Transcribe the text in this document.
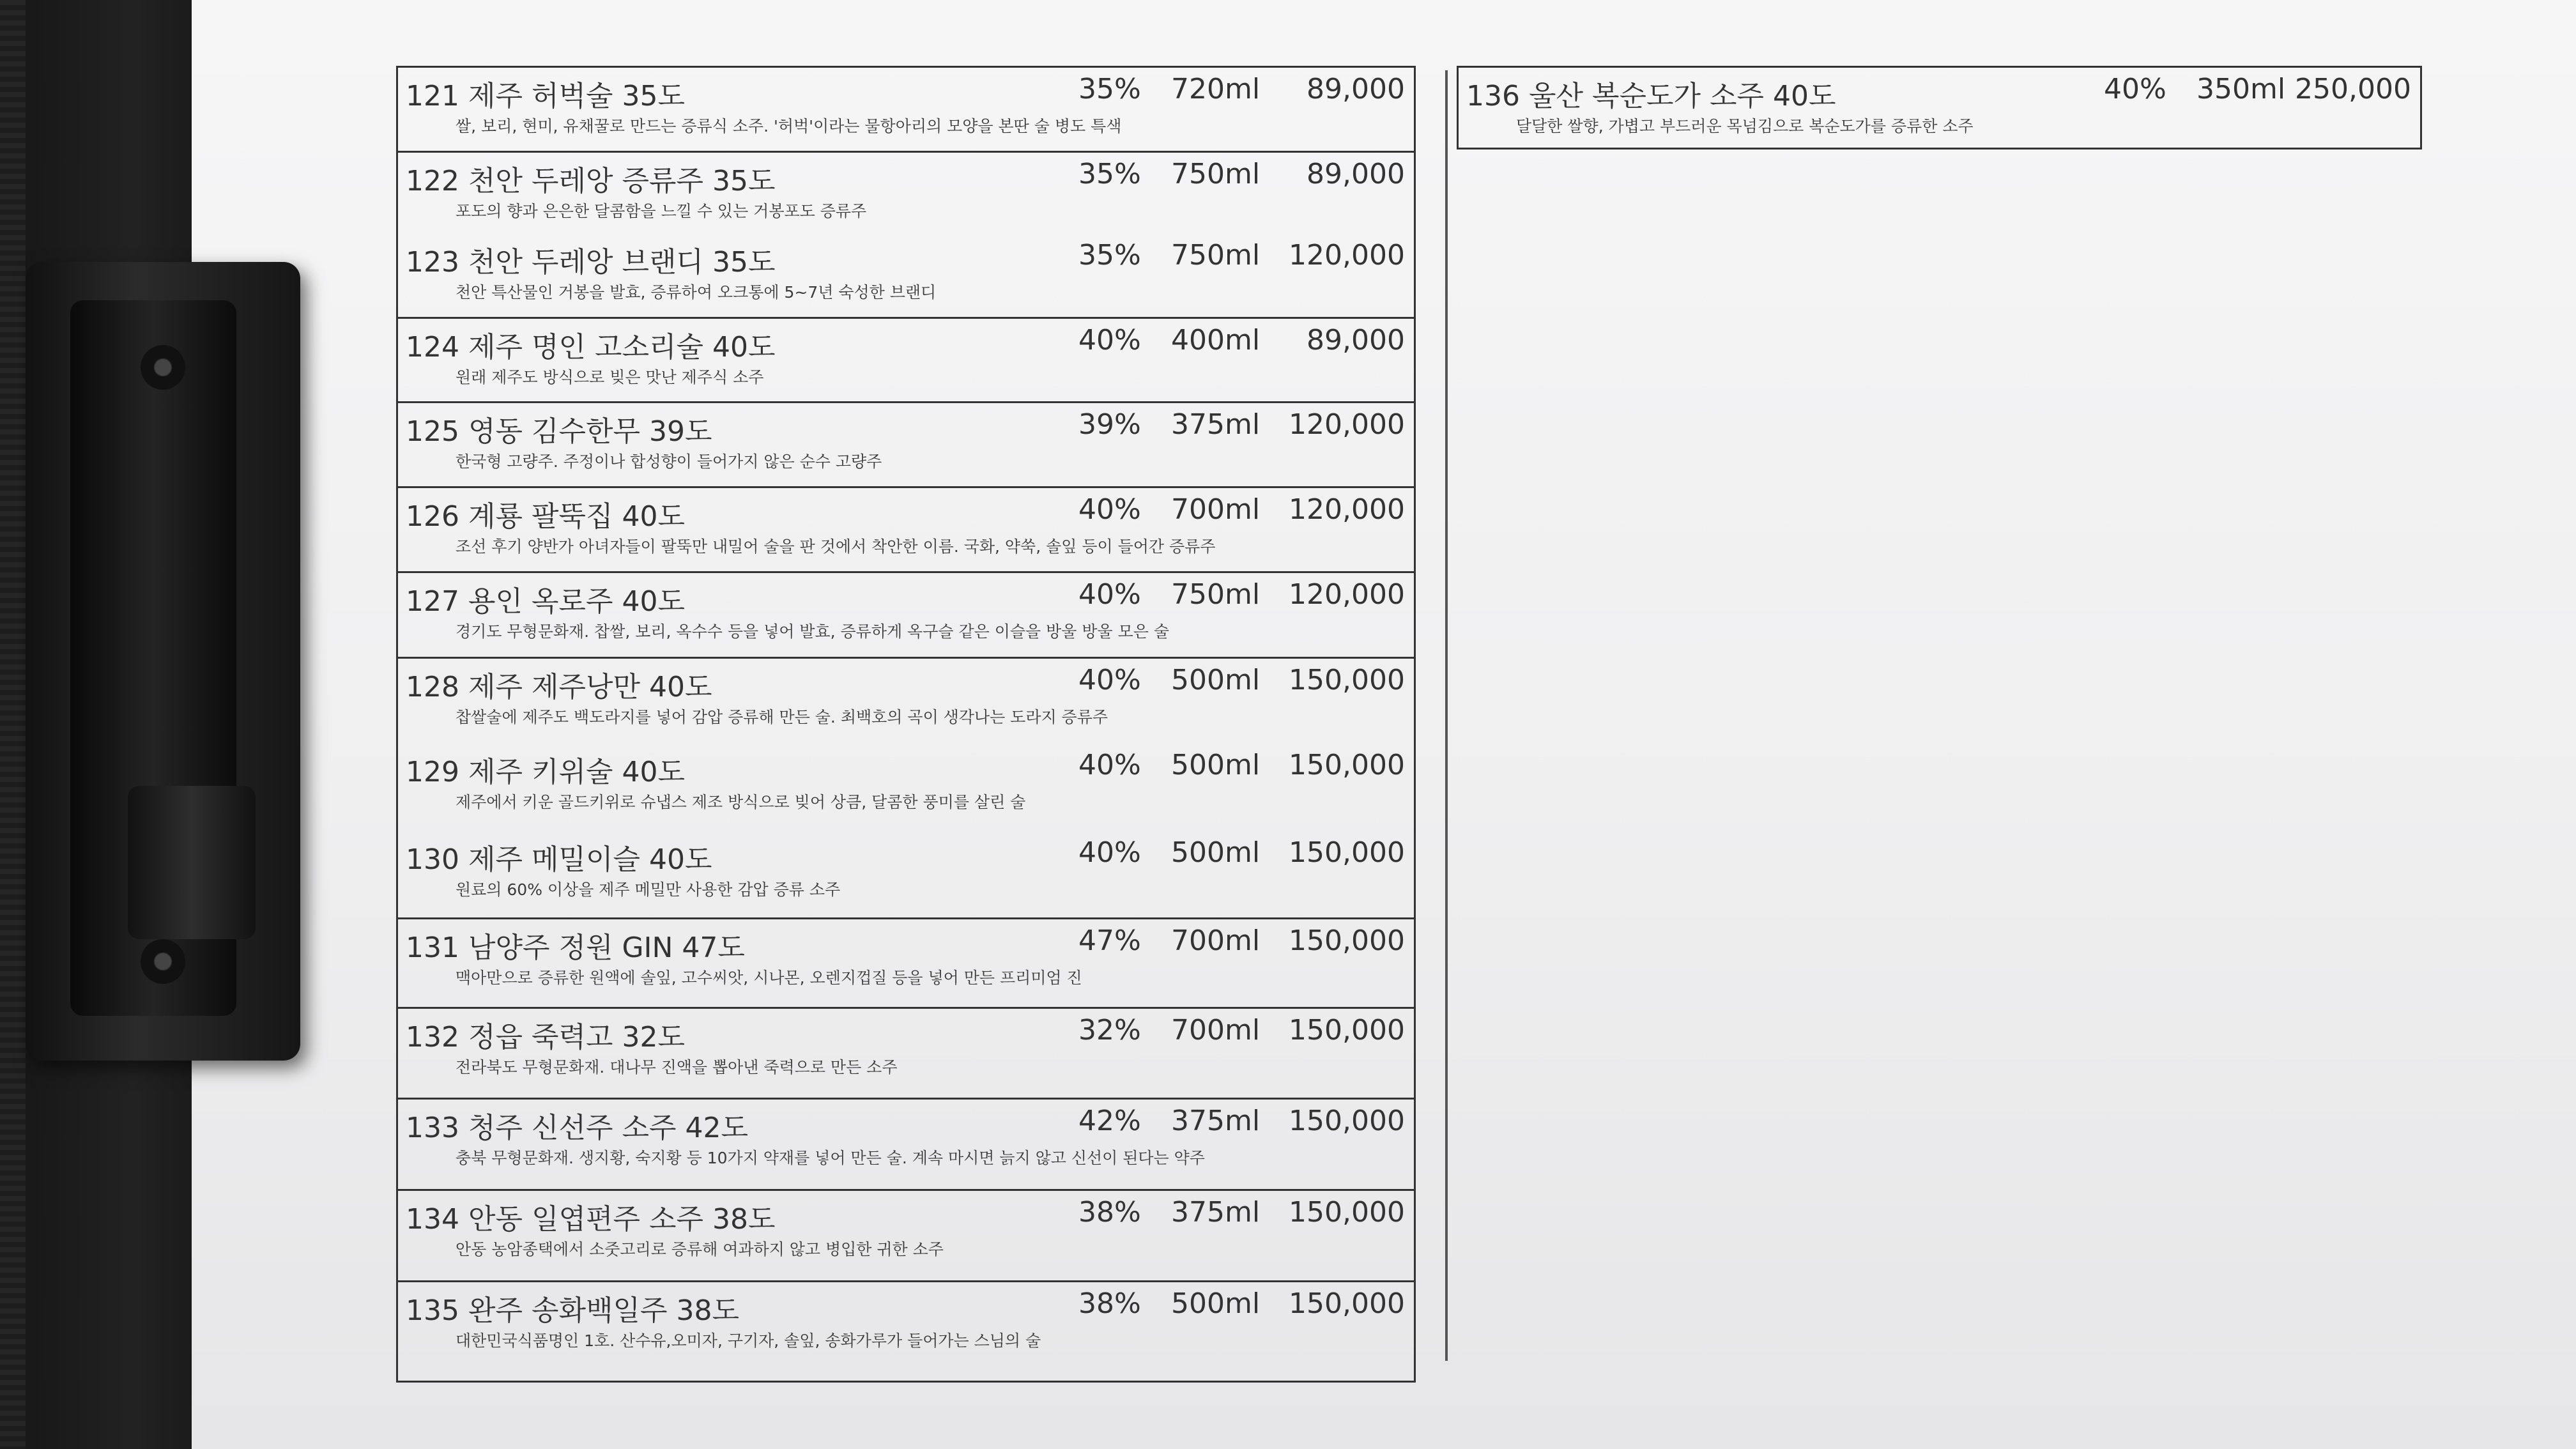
121 제주 허벅술 35도	35% 720ml 89,000
쌀, 보리, 현미, 유채꿀로 만드는 증류식 소주. '허벅'이라는 물항아리의 모양을 본딴 술 병도 특색
122 천안 두레앙 증류주 35도	35% 750ml 89,000
포도의 향과 은은한 달콤함을 느낄 수 있는 거봉포도 증류주
123 천안 두레앙 브랜디 35도	35% 750ml 120,000
천안 특산물인 거봉을 발효, 증류하여 오크통에 5~7년 숙성한 브랜디
124 제주 명인 고소리술 40도	40% 400ml 89,000
원래 제주도 방식으로 빚은 맛난 제주식 소주
125 영동 김수한무 39도	39% 375ml 120,000
한국형 고량주. 주정이나 합성향이 들어가지 않은 순수 고량주
126 계룡 팔뚝집 40도	40% 700ml 120,000
조선 후기 양반가 아녀자들이 팔뚝만 내밀어 술을 판 것에서 착안한 이름. 국화, 약쑥, 솔잎 등이 들어간 증류주
127 용인 옥로주 40도	40% 750ml 120,000
경기도 무형문화재. 찹쌀, 보리, 옥수수 등을 넣어 발효, 증류하게 옥구슬 같은 이슬을 방울 방울 모은 술
128 제주 제주낭만 40도	40% 500ml 150,000
찹쌀술에 제주도 백도라지를 넣어 감압 증류해 만든 술. 최백호의 곡이 생각나는 도라지 증류주
129 제주 키위술 40도	40% 500ml 150,000
제주에서 키운 골드키위로 슈냅스 제조 방식으로 빚어 상큼, 달콤한 풍미를 살린 술
130 제주 메밀이슬 40도	40% 500ml 150,000
원료의 60% 이상을 제주 메밀만 사용한 감압 증류 소주
131 남양주 정원 GIN 47도	47% 700ml 150,000
맥아만으로 증류한 원액에 솔잎, 고수씨앗, 시나몬, 오렌지껍질 등을 넣어 만든 프리미엄 진
132 정읍 죽력고 32도	32% 700ml 150,000
전라북도 무형문화재. 대나무 진액을 뽑아낸 죽력으로 만든 소주
133 청주 신선주 소주 42도	42% 375ml 150,000
충북 무형문화재. 생지황, 숙지황 등 10가지 약재를 넣어 만든 술. 계속 마시면 늙지 않고 신선이 된다는 약주
134 안동 일엽편주 소주 38도	38% 375ml 150,000
안동 농암종택에서 소줏고리로 증류해 여과하지 않고 병입한 귀한 소주
135 완주 송화백일주 38도	38% 500ml 150,000
대한민국식품명인 1호. 산수유,오미자, 구기자, 솔잎, 송화가루가 들어가는 스님의 술
136 울산 복순도가 소주 40도	40% 350ml 250,000
달달한 쌀향, 가볍고 부드러운 목넘김으로 복순도가를 증류한 소주
